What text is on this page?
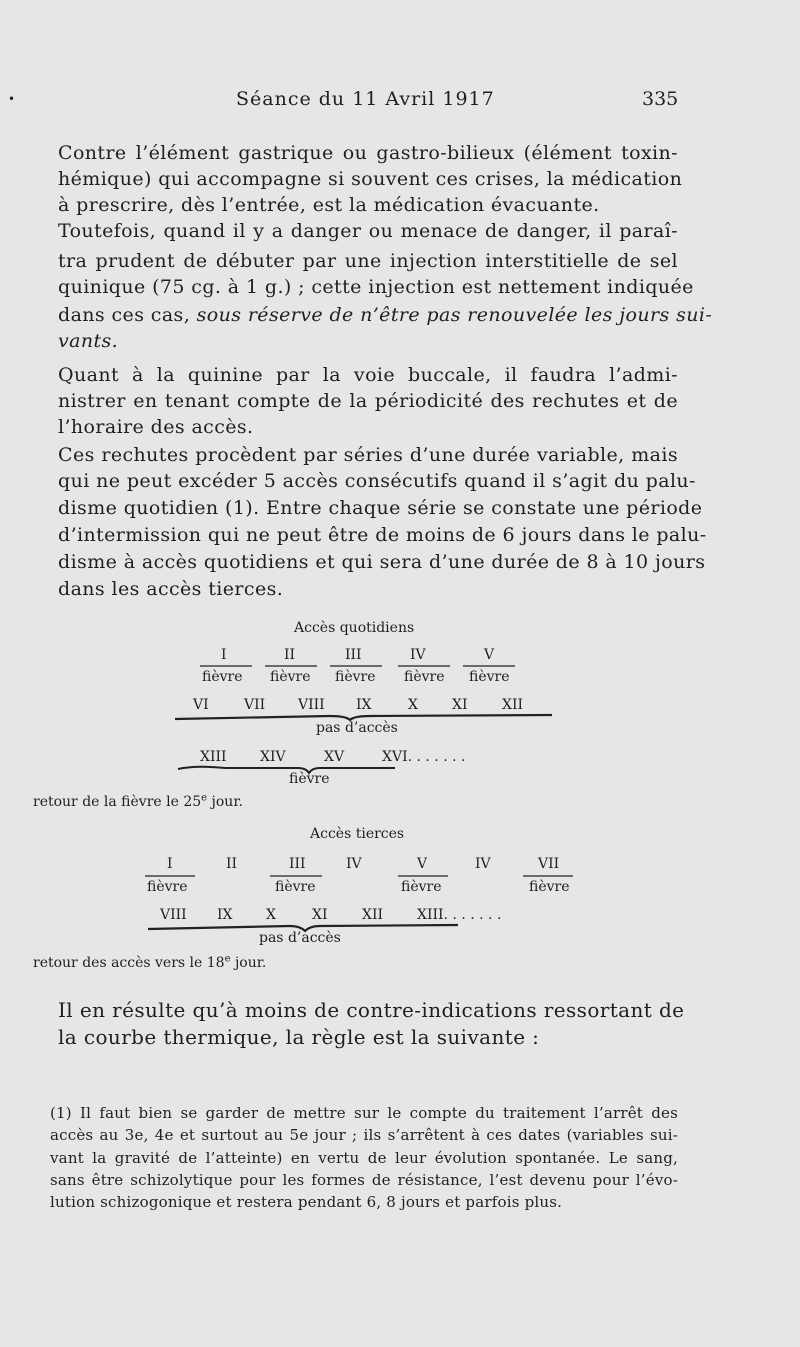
•	Séance du 11 Avril 1917	335
Contre l’élément gastrique ou gastro-bilieux (élément toxin-
hémique) qui accompagne si souvent ces crises, la médication
à prescrire, dès l’entrée, est la médication évacuante.
Toutefois, quand il y a danger ou menace de danger, il paraî-
tra prudent de débuter par une injection interstitielle de sel
quinique (75 cg. à 1 g.) ; cette injection est nettement indiquée
dans ces cas, sous réserve de n’être pas renouvelée les jours sui-
vants.
Quant à la quinine par la voie buccale, il faudra l’admi-
nistrer en tenant compte de la périodicité des rechutes et de
l’horaire des accès.
Ces rechutes procèdent par séries d’une durée variable, mais
qui ne peut excéder 5 accès consécutifs quand il s’agit du palu-
disme quotidien (1). Entre chaque série se constate une période
d’intermission qui ne peut être de moins de 6 jours dans le palu-
disme à accès quotidiens et qui sera d’une durée de 8 à 10 jours
dans les accès tierces.
Accès quotidiens
I	II	III	IV	V
fièvre fièvre fièvre fièvre fièvre
VI	VII VIII IX	X XI XII
pas d’accès
XIII XIV	XV	XVI. . . . . . .
fièvre
retour de la fièvre le 25e jour.
Accès tierces
I	II	III	IV	V	IV	VII
fièvre	fièvre	fièvre	fièvre
VIII IX X	XI XII XIII. . . . . . .
pas d’accès
retour des accès vers le 18e jour.
Il en résulte qu’à moins de contre-indications ressortant de
la courbe thermique, la règle est la suivante :
(1) Il faut bien se garder de mettre sur le compte du traitement l’arrêt des
accès au 3e, 4e et surtout au 5e jour ; ils s’arrêtent à ces dates (variables sui-
vant la gravité de l’atteinte) en vertu de leur évolution spontanée. Le sang,
sans être schizolytique pour les formes de résistance, l’est devenu pour l’évo-
lution schizogonique et restera pendant 6, 8 jours et parfois plus.
